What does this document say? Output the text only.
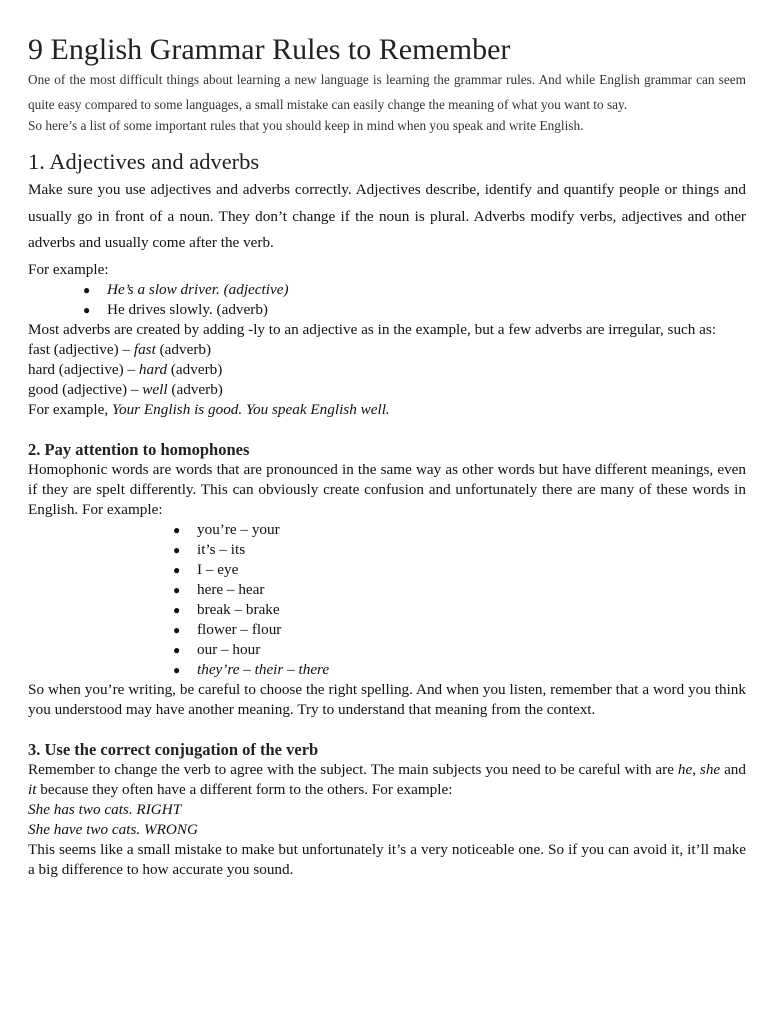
9 English Grammar Rules to Remember

One of the most difficult things about learning a new language is learning the grammar rules. And while English grammar can seem quite easy compared to some languages, a small mistake can easily change the meaning of what you want to say.

So here’s a list of some important rules that you should keep in mind when you speak and write English.

1. Adjectives and adverbs

Make sure you use adjectives and adverbs correctly. Adjectives describe, identify and quantify people or things and usually go in front of a noun. They don’t change if the noun is plural. Adverbs modify verbs, adjectives and other adverbs and usually come after the verb.

For example:

● He’s a slow driver. (adjective)
● He drives slowly. (adverb)

Most adverbs are created by adding -ly to an adjective as in the example, but a few adverbs are irregular, such as:

fast (adjective) – fast (adverb)

hard (adjective) – hard (adverb)

good (adjective) – well (adverb)

For example, Your English is good. You speak English well.

2. Pay attention to homophones

Homophonic words are words that are pronounced in the same way as other words but have different meanings, even if they are spelt differently. This can obviously create confusion and unfortunately there are many of these words in English. For example:

● you’re – your
● it’s – its
● I – eye
● here – hear
● break – brake
● flower – flour
● our – hour
● they’re – their – there

So when you’re writing, be careful to choose the right spelling. And when you listen, remember that a word you think you understood may have another meaning. Try to understand that meaning from the context.

3. Use the correct conjugation of the verb

Remember to change the verb to agree with the subject. The main subjects you need to be careful with are he, she and it because they often have a different form to the others. For example:

She has two cats. RIGHT

She have two cats. WRONG

This seems like a small mistake to make but unfortunately it’s a very noticeable one. So if you can avoid it, it’ll make a big difference to how accurate you sound.
